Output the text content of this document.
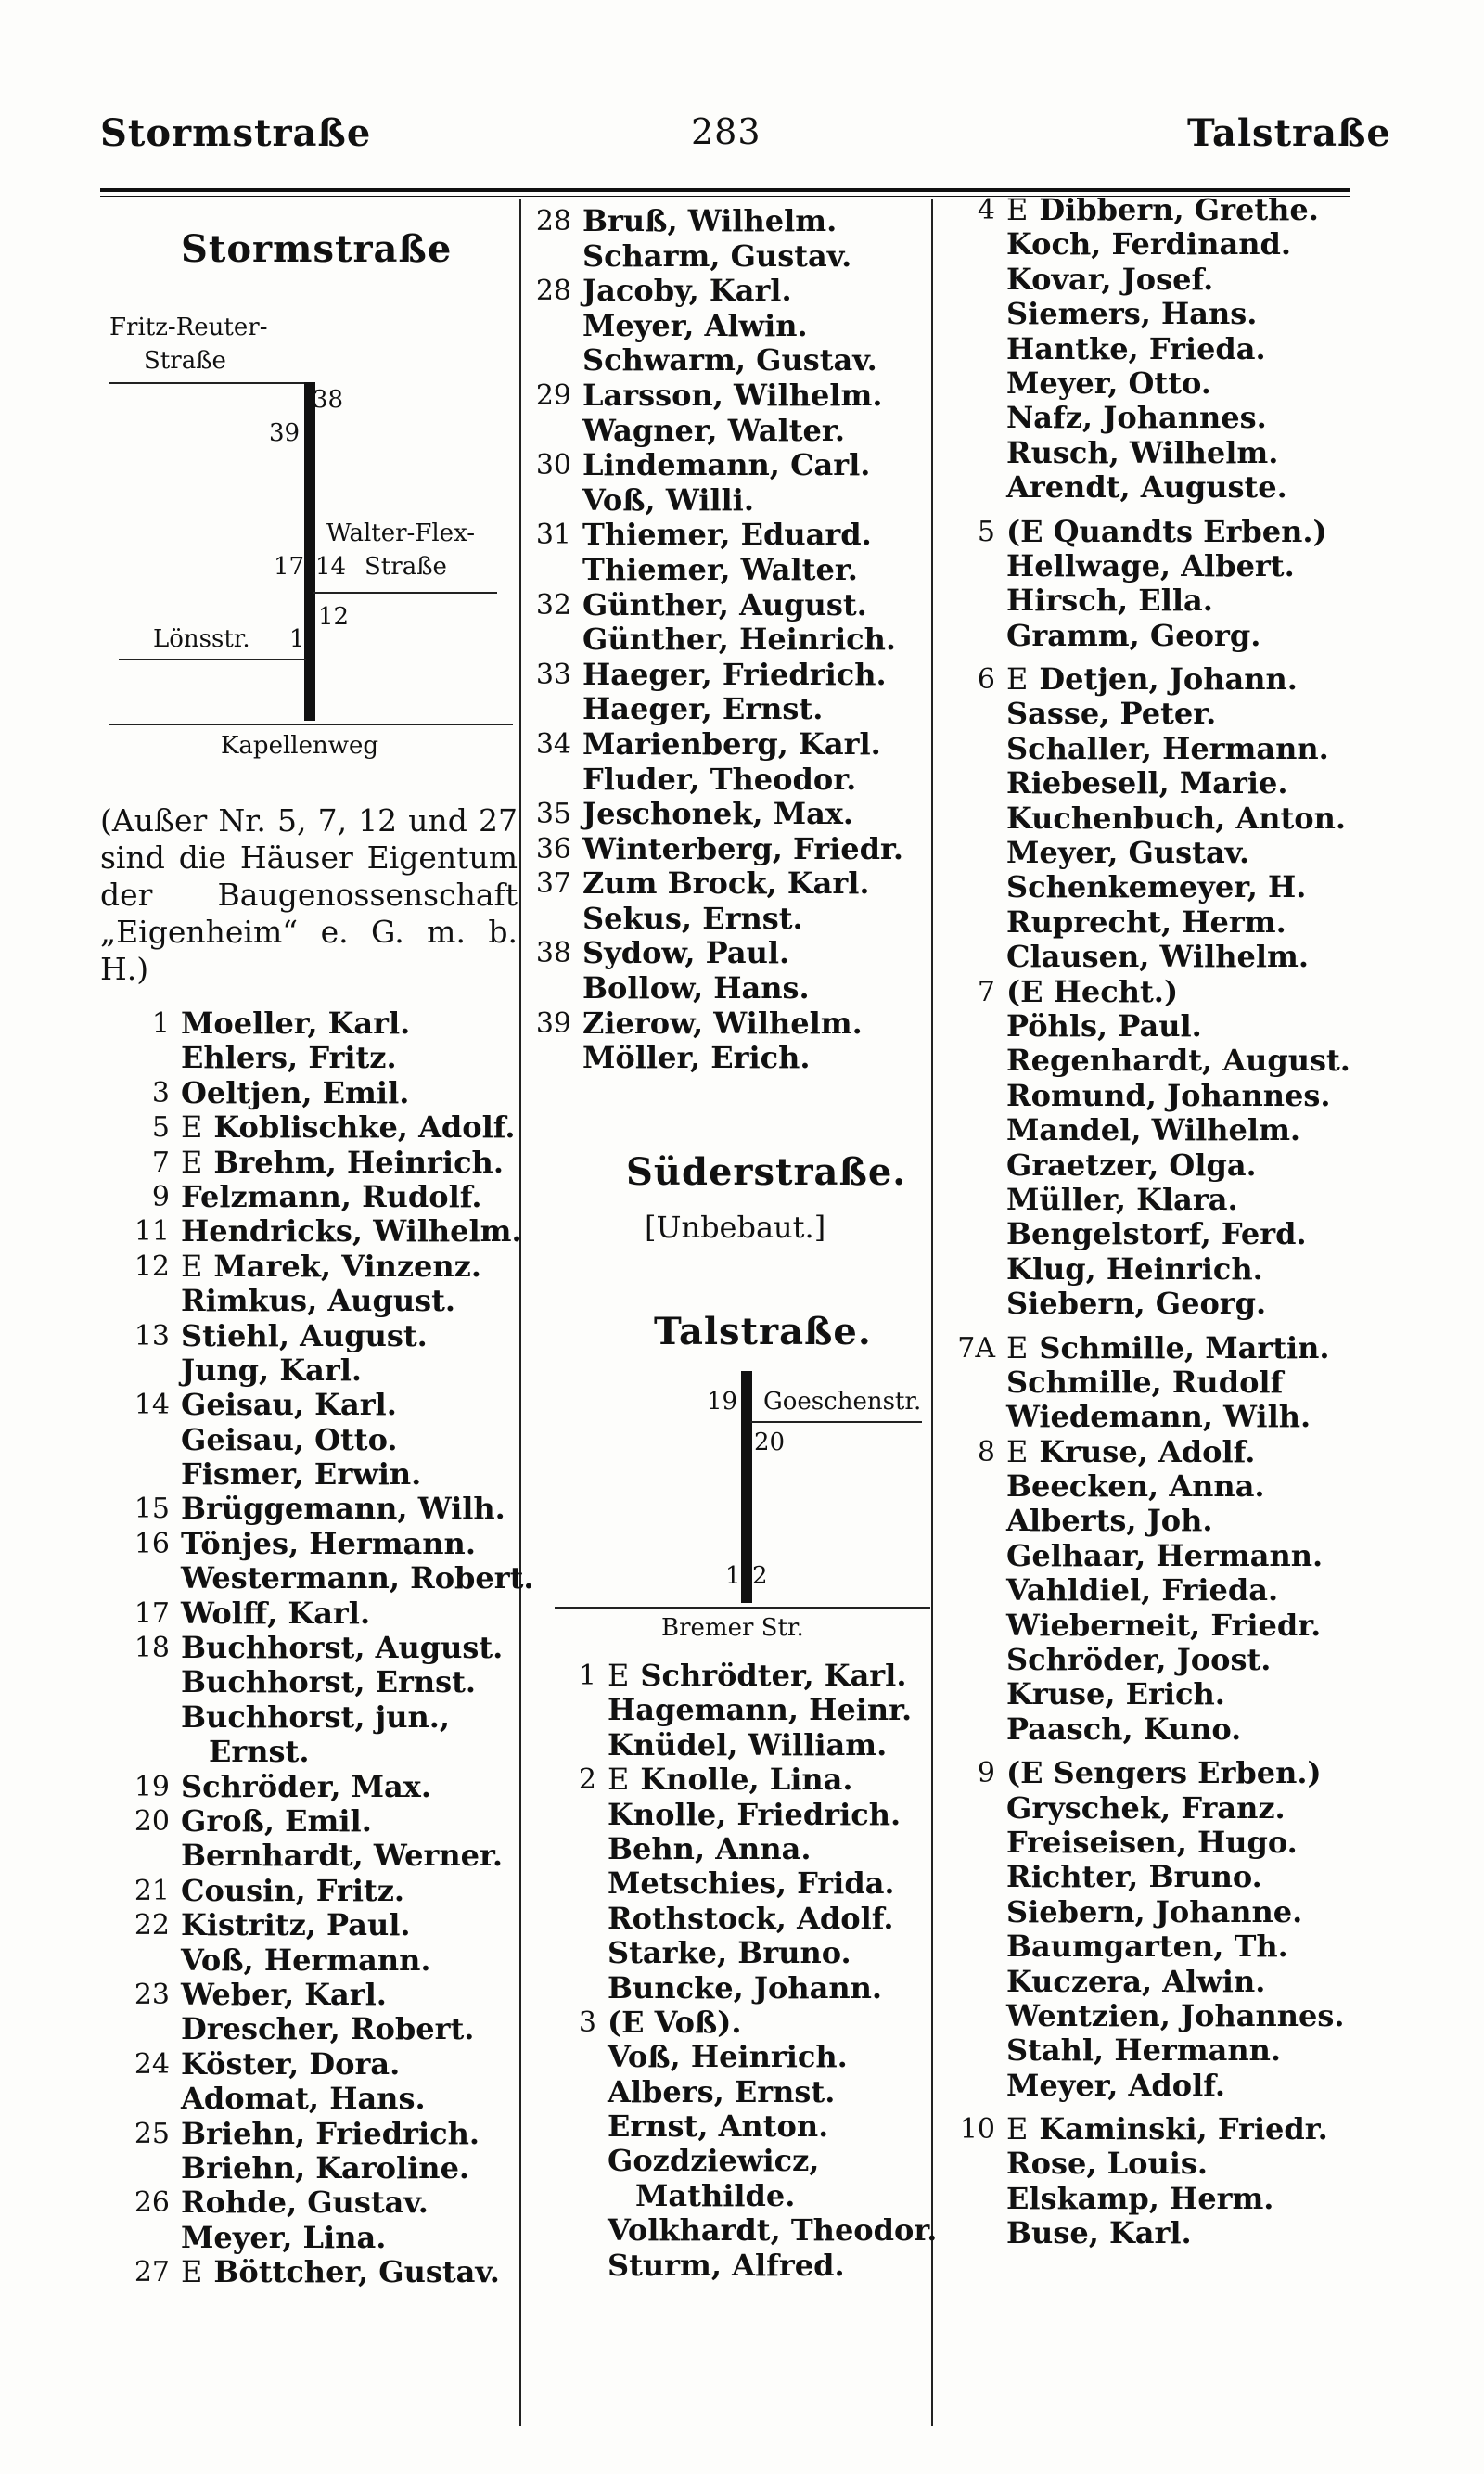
Stormstraße	283	Talstraße
Stormstraße
Fritz-Reuter-
Straße
38
39
Walter-Flex-
17 14 Straße
12
Lönsstr. 1
Kapellenweg
(Außer Nr. 5, 7, 12 und 27 sind die Häuser Eigentum der Baugenossenschaft „Eigenheim“ e. G. m. b. H.)
1 Moeller, Karl.
Ehlers, Fritz.
3 Oeltjen, Emil.
5 E Koblischke, Adolf.
7 E Brehm, Heinrich.
9 Felzmann, Rudolf.
11 Hendricks, Wilhelm.
12 E Marek, Vinzenz.
Rimkus, August.
13 Stiehl, August.
Jung, Karl.
14 Geisau, Karl.
Geisau, Otto.
Fismer, Erwin.
15 Brüggemann, Wilh.
16 Tönjes, Hermann.
Westermann, Robert.
17 Wolff, Karl.
18 Buchhorst, August.
Buchhorst, Ernst.
Buchhorst, jun.,
Ernst.
19 Schröder, Max.
20 Groß, Emil.
Bernhardt, Werner.
21 Cousin, Fritz.
22 Kistritz, Paul.
Voß, Hermann.
23 Weber, Karl.
Drescher, Robert.
24 Köster, Dora.
Adomat, Hans.
25 Briehn, Friedrich.
Briehn, Karoline.
26 Rohde, Gustav.
Meyer, Lina.
27 E Böttcher, Gustav.
28 Bruß, Wilhelm.
Scharm, Gustav.
28 Jacoby, Karl.
Meyer, Alwin.
Schwarm, Gustav.
29 Larsson, Wilhelm.
Wagner, Walter.
30 Lindemann, Carl.
Voß, Willi.
31 Thiemer, Eduard.
Thiemer, Walter.
32 Günther, August.
Günther, Heinrich.
33 Haeger, Friedrich.
Haeger, Ernst.
34 Marienberg, Karl.
Fluder, Theodor.
35 Jeschonek, Max.
36 Winterberg, Friedr.
37 Zum Brock, Karl.
Sekus, Ernst.
38 Sydow, Paul.
Bollow, Hans.
39 Zierow, Wilhelm.
Möller, Erich.
Süderstraße.
[Unbebaut.]
Talstraße.
19 Goeschenstr.
20
1 2
Bremer Str.
1 E Schrödter, Karl.
Hagemann, Heinr.
Knüdel, William.
2 E Knolle, Lina.
Knolle, Friedrich.
Behn, Anna.
Metschies, Frida.
Rothstock, Adolf.
Starke, Bruno.
Buncke, Johann.
3 (E Voß).
Voß, Heinrich.
Albers, Ernst.
Ernst, Anton.
Gozdziewicz,
Mathilde.
Volkhardt, Theodor.
Sturm, Alfred.
4 E Dibbern, Grethe.
Koch, Ferdinand.
Kovar, Josef.
Siemers, Hans.
Hantke, Frieda.
Meyer, Otto.
Nafz, Johannes.
Rusch, Wilhelm.
Arendt, Auguste.
5 (E Quandts Erben.)
Hellwage, Albert.
Hirsch, Ella.
Gramm, Georg.
6 E Detjen, Johann.
Sasse, Peter.
Schaller, Hermann.
Riebesell, Marie.
Kuchenbuch, Anton.
Meyer, Gustav.
Schenkemeyer, H.
Ruprecht, Herm.
Clausen, Wilhelm.
7 (E Hecht.)
Pöhls, Paul.
Regenhardt, August.
Romund, Johannes.
Mandel, Wilhelm.
Graetzer, Olga.
Müller, Klara.
Bengelstorf, Ferd.
Klug, Heinrich.
Siebern, Georg.
7A E Schmille, Martin.
Schmille, Rudolf
Wiedemann, Wilh.
8 E Kruse, Adolf.
Beecken, Anna.
Alberts, Joh.
Gelhaar, Hermann.
Vahldiel, Frieda.
Wieberneit, Friedr.
Schröder, Joost.
Kruse, Erich.
Paasch, Kuno.
9 (E Sengers Erben.)
Gryschek, Franz.
Freiseisen, Hugo.
Richter, Bruno.
Siebern, Johanne.
Baumgarten, Th.
Kuczera, Alwin.
Wentzien, Johannes.
Stahl, Hermann.
Meyer, Adolf.
10 E Kaminski, Friedr.
Rose, Louis.
Elskamp, Herm.
Buse, Karl.
